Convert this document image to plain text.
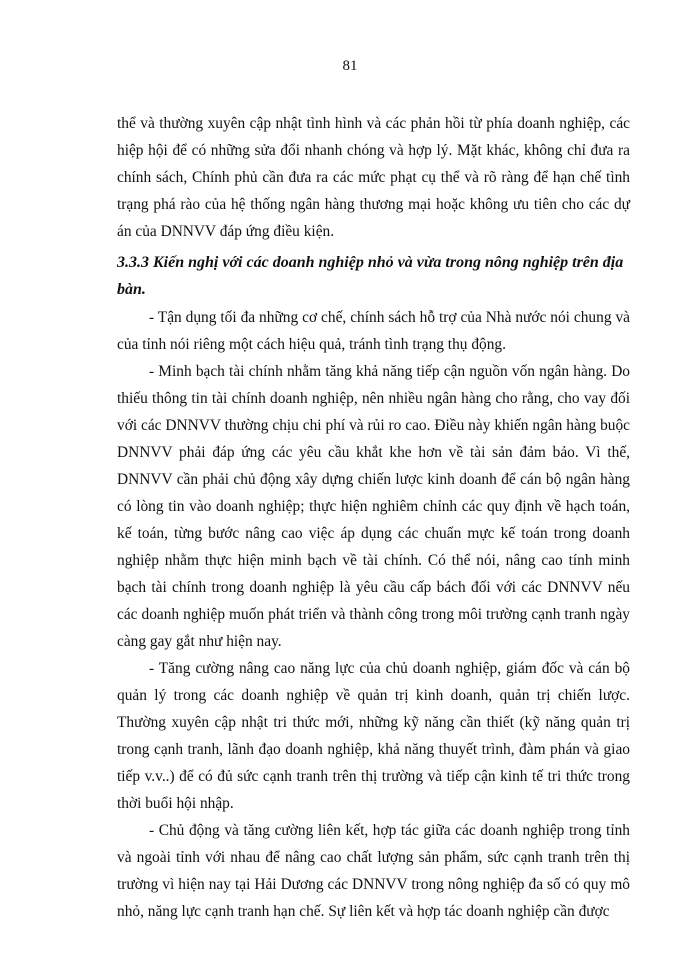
81

thể và thường xuyên cập nhật tình hình và các phản hồi từ phía doanh nghiệp, các hiệp hội để có những sửa đổi nhanh chóng và hợp lý. Mặt khác, không chỉ đưa ra chính sách, Chính phủ cần đưa ra các mức phạt cụ thể và rõ ràng để hạn chế tình trạng phá rào của hệ thống ngân hàng thương mại hoặc không ưu tiên cho các dự án của DNNVV đáp ứng điều kiện.

3.3.3 Kiến nghị với các doanh nghiệp nhỏ và vừa trong nông nghiệp trên địa bàn.

- Tận dụng tối đa những cơ chế, chính sách hỗ trợ của Nhà nước nói chung và của tỉnh nói riêng một cách hiệu quả, tránh tình trạng thụ động.

- Minh bạch tài chính nhằm tăng khả năng tiếp cận nguồn vốn ngân hàng. Do thiếu thông tin tài chính doanh nghiệp, nên nhiều ngân hàng cho rằng, cho vay đối với các DNNVV thường chịu chi phí và rủi ro cao. Điều này khiến ngân hàng buộc DNNVV phải đáp ứng các yêu cầu khắt khe hơn về tài sản đảm bảo. Vì thế, DNNVV cần phải chủ động xây dựng chiến lược kinh doanh để cán bộ ngân hàng có lòng tin vào doanh nghiệp; thực hiện nghiêm chỉnh các quy định về hạch toán, kế toán, từng bước nâng cao việc áp dụng các chuẩn mực kế toán trong doanh nghiệp nhằm thực hiện minh bạch về tài chính. Có thể nói, nâng cao tính minh bạch tài chính trong doanh nghiệp là yêu cầu cấp bách đối với các DNNVV nếu các doanh nghiệp muốn phát triển và thành công trong môi trường cạnh tranh ngày càng gay gắt như hiện nay.

- Tăng cường nâng cao năng lực của chủ doanh nghiệp, giám đốc và cán bộ quản lý trong các doanh nghiệp về quản trị kinh doanh, quản trị chiến lược. Thường xuyên cập nhật tri thức mới, những kỹ năng cần thiết (kỹ năng quản trị trong cạnh tranh, lãnh đạo doanh nghiệp, khả năng thuyết trình, đàm phán và giao tiếp v.v..) để có đủ sức cạnh tranh trên thị trường và tiếp cận kinh tế tri thức trong thời buổi hội nhập.

- Chủ động và tăng cường liên kết, hợp tác giữa các doanh nghiệp trong tỉnh và ngoài tỉnh với nhau để nâng cao chất lượng sản phẩm, sức cạnh tranh trên thị trường vì hiện nay tại Hải Dương các DNNVV trong nông nghiệp đa số có quy mô nhỏ, năng lực cạnh tranh hạn chế. Sự liên kết và hợp tác doanh nghiệp cần được
